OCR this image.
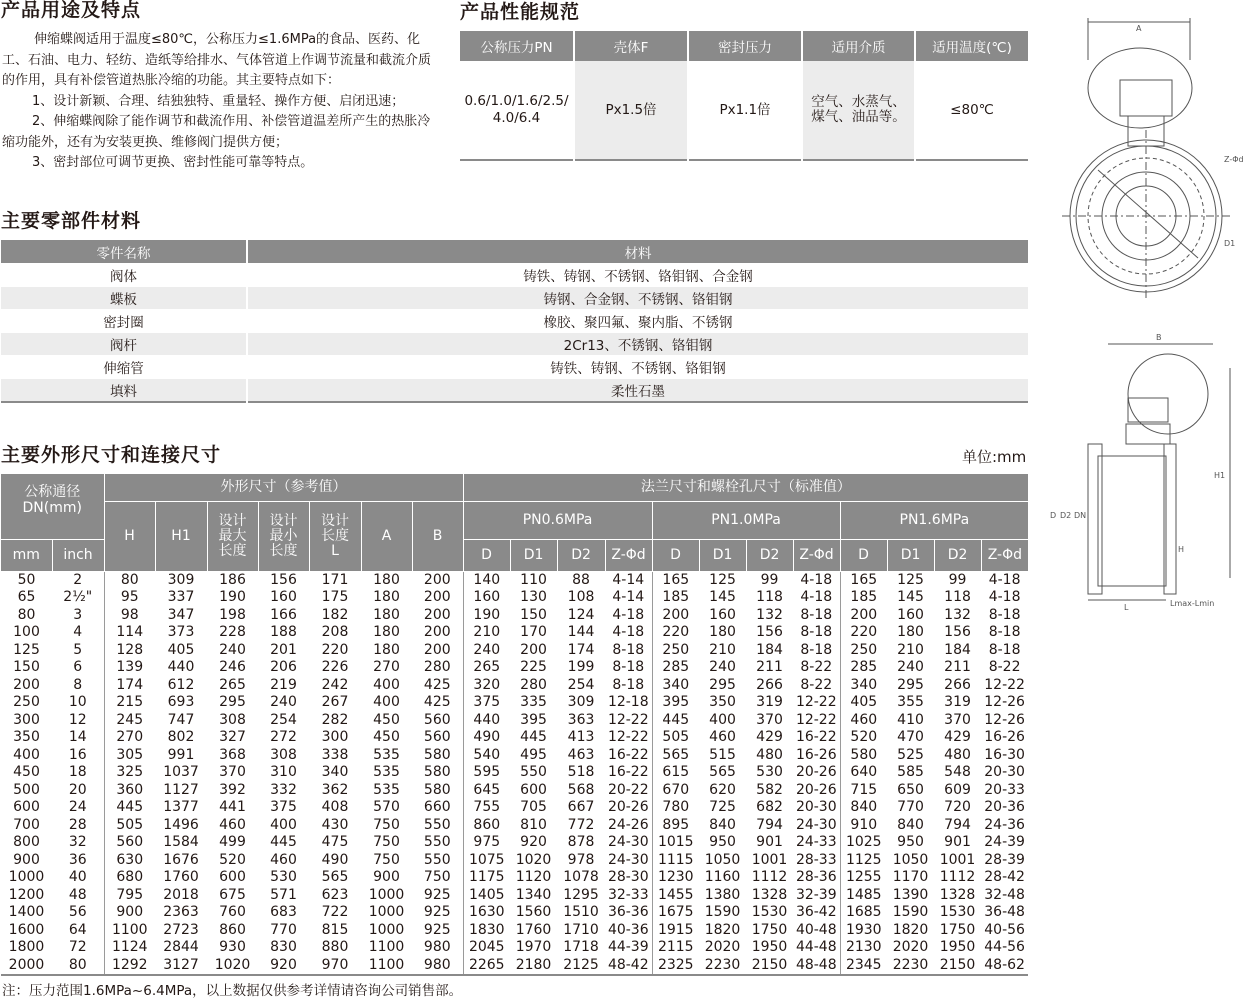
产品用途及特点

伸缩蝶阀适用于温度≤80℃，公称压力≤1.6MPa的食品、医药、化工、石油、电力、轻纺、造纸等给排水、气体管道上作调节流量和截流介质的作用，具有补偿管道热胀冷缩的功能。其主要特点如下：

1、设计新颖、合理、结独独特、重量轻、操作方便、启闭迅速；

2、伸缩蝶阀除了能作调节和截流作用、补偿管道温差所产生的热胀冷缩功能外，还有为安装更换、维修阀门提供方便；

3、密封部位可调节更换、密封性能可靠等特点。

产品性能规范
公称压力PN	壳体F	密封压力	适用介质	适用温度(℃)
0.6/1.0/1.6/2.5/4.0/6.4	Px1.5倍	Px1.1倍	空气、水蒸气、煤气、油品等。	≤80℃
主要零部件材料
零件名称	材料
阀体	铸铁、铸钢、不锈钢、铬钼钢、合金钢
蝶板	铸钢、合金钢、不锈钢、铬钼钢
密封圈	橡胶、聚四氟、聚内脂、不锈钢
阀杆	2Cr13、不锈钢、铬钼钢
伸缩管	铸铁、铸钢、不锈钢、铬钼钢
填料	柔性石墨
主要外形尺寸和连接尺寸	单位:mm
公称通径DN(mm)		外形尺寸（参考值）							法兰尺寸和螺栓孔尺寸（标准值）											
		H	H1	设计最大长度	设计最小长度	设计长度L	A	B	PN0.6MPa				PN1.0MPa				PN1.6MPa			
mm	inch								D	D1	D2	Z-Φd	D	D1	D2	Z-Φd	D	D1	D2	Z-Φd
50	2	80	309	186	156	171	180	200	140	110	88	4-14	165	125	99	4-18	165	125	99	4-18
65	2½"	95	337	190	160	175	180	200	160	130	108	4-14	185	145	118	4-18	185	145	118	4-18
80	3	98	347	198	166	182	180	200	190	150	124	4-18	200	160	132	8-18	200	160	132	8-18
100	4	114	373	228	188	208	180	200	210	170	144	4-18	220	180	156	8-18	220	180	156	8-18
125	5	128	405	240	201	220	180	200	240	200	174	8-18	250	210	184	8-18	250	210	184	8-18
150	6	139	440	246	206	226	270	280	265	225	199	8-18	285	240	211	8-22	285	240	211	8-22
200	8	174	612	265	219	242	400	425	320	280	254	8-18	340	295	266	8-22	340	295	266	12-22
250	10	215	693	295	240	267	400	425	375	335	309	12-18	395	350	319	12-22	405	355	319	12-26
300	12	245	747	308	254	282	450	560	440	395	363	12-22	445	400	370	12-22	460	410	370	12-26
350	14	270	802	327	272	300	450	560	490	445	413	12-22	505	460	429	16-22	520	470	429	16-26
400	16	305	991	368	308	338	535	580	540	495	463	16-22	565	515	480	16-26	580	525	480	16-30
450	18	325	1037	370	310	340	535	580	595	550	518	16-22	615	565	530	20-26	640	585	548	20-30
500	20	360	1127	392	332	362	535	580	645	600	568	20-22	670	620	582	20-26	715	650	609	20-33
600	24	445	1377	441	375	408	570	660	755	705	667	20-26	780	725	682	20-30	840	770	720	20-36
700	28	505	1496	460	400	430	750	550	860	810	772	24-26	895	840	794	24-30	910	840	794	24-36
800	32	560	1584	499	445	475	750	550	975	920	878	24-30	1015	950	901	24-33	1025	950	901	24-39
900	36	630	1676	520	460	490	750	550	1075	1020	978	24-30	1115	1050	1001	28-33	1125	1050	1001	28-39
1000	40	680	1760	600	530	565	900	750	1175	1120	1078	28-30	1230	1160	1112	28-36	1255	1170	1112	28-42
1200	48	795	2018	675	571	623	1000	925	1405	1340	1295	32-33	1455	1380	1328	32-39	1485	1390	1328	32-48
1400	56	900	2363	760	683	722	1000	925	1630	1560	1510	36-36	1675	1590	1530	36-42	1685	1590	1530	36-48
1600	64	1100	2723	860	770	815	1000	925	1830	1760	1710	40-36	1915	1820	1750	40-48	1930	1820	1750	40-56
1800	72	1124	2844	930	830	880	1100	980	2045	1970	1718	44-39	2115	2020	1950	44-48	2130	2020	1950	44-56
2000	80	1292	3127	1020	920	970	1100	980	2265	2180	2125	48-42	2325	2230	2150	48-48	2345	2230	2150	48-62
注：压力范围1.6MPa~6.4MPa，以上数据仅供参考详情请咨询公司销售部。
A
Z-Φd
D1
B
H1
D D2 DN
H
L	Lmax-Lmin
